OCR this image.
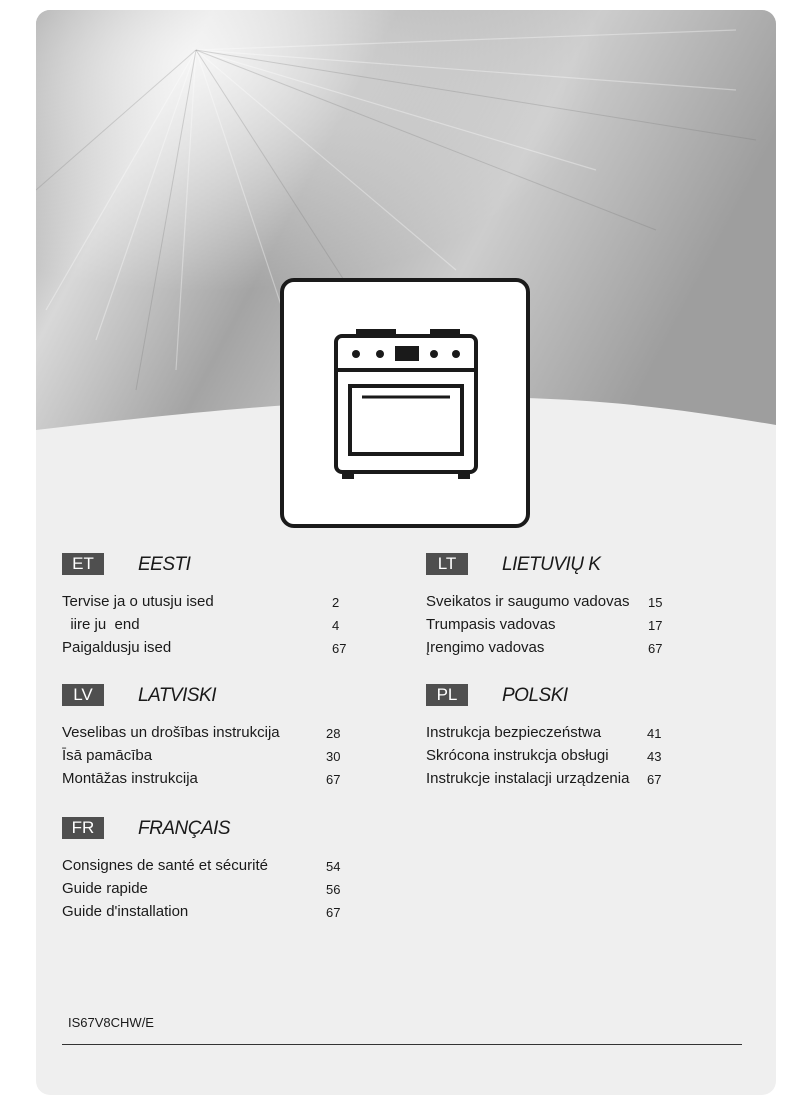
ET	EESTI
Tervise ja o utusju ised	2
iire ju  end	4
Paigaldusju ised	67
LT	LIETUVIŲ K
Sveikatos ir saugumo vadovas 15
Trumpasis vadovas	17
Įrengimo vadovas	67
LV	LATVISKI
Veselibas un drošības instrukcija	28
Īsā pamācība	30
Montāžas instrukcija	67
PL	POLSKI
Instrukcja bezpieczeństwa	41
Skrócona instrukcja obsługi	43
Instrukcje instalacji urządzenia 67
FR	FRANÇAIS
Consignes de santé et sécurité	54
Guide rapide	56
Guide d'installation	67
IS67V8CHW/E
